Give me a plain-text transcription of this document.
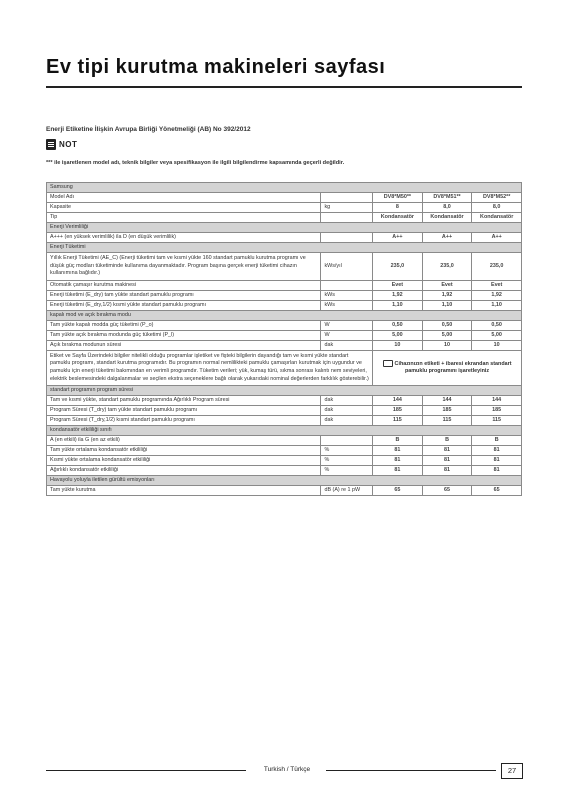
Ev tipi kurutma makineleri sayfası
Enerji Etiketine İlişkin Avrupa Birliği Yönetmeliği (AB) No 392/2012
NOT
*** ile işaretlenen model adı, teknik bilgiler veya spesifikasyon ile ilgili bilgilendirme kapsamında geçerli değildir.
Samsung				
Model Adı		DV8*M50**	DV8*M51**	DV8*M52**
Kapasite	kg	8	8,0	8,0
Tip		Kondansatör	Kondansatör	Kondansatör
Enerji Verimliliği				
A+++ (en yüksek verimlilik) ila D (en düşük verimlilik)		A++	A++	A++
Enerji Tüketimi				
Yıllık Enerji Tüketimi (AE_C) (Enerji tüketimi tam ve kısmi yükte 160 standart pamuklu kurutma programı ve düşük güç modları tüketiminde kullanıma dayanmaktadır. Program başına gerçek enerji tüketimi cihazın kullanımına bağlıdır.)	kWs/yıl	235,0	235,0	235,0
Otomatik çamaşır kurutma makinesi		Evet	Evet	Evet
Enerji tüketimi (E_dry) tam yükte standart pamuklu programı	kWs	1,92	1,92	1,92
Enerji tüketimi (E_dry,1/2) kısmi yükte standart pamuklu programı	kWs	1,10	1,10	1,10
kapalı mod ve açık bırakma modu				
Tam yükte kapalı modda güç tüketimi (P_o)	W	0,50	0,50	0,50
Tam yükte açık bırakma modunda güç tüketimi (P_l)	W	5,00	5,00	5,00
Açık bırakma modunun süresi	dak	10	10	10
Etiket ve Sayfa Üzerindeki bilgiler nitelikli olduğu programlar işletiket ve fişteki bilgilerin dayandığı tam ve kısmi yükte standart pamuklu programı, standart kurutma programıdır. Bu programın normal nemlilikteki pamuklu çamaşırları kurutmak için uygundur ve pamuklu için enerji tüketimi bakımından en verimli programdır. Tüketim verileri; yük, kumaş türü, sıkma sonrası kalıntı nem seviyeleri, elektrik beslemesindeki dalgalanmalar ve seçilen ekstra seçeneklere bağlı olarak yukarıdaki nominal değerlerden farklılık gösterebilir.)		Cihazınızın etiketi + ibaresi ekrandan standart pamuklu programını işaretleyiniz		
standart programın program süresi				
Tam ve kısmi yükte, standart pamuklu programında Ağırlıklı Program süresi	dak	144	144	144
Program Süresi (T_dry) tam yükte standart pamuklu programı	dak	185	185	185
Program Süresi (T_dry,1/2) kısmi standart pamuklu programı	dak	115	115	115
kondansatör etkililiği sınıfı				
A (en etkili) ila G (en az etkili)		B	B	B
Tam yükte ortalama kondansatör etkililiği	%	81	81	81
Kısmi yükte ortalama kondansatör etkililiği	%	81	81	81
Ağırlıklı kondansatör etkililiği	%	81	81	81
Havayolu yoluyla iletilen gürültü emisyonları				
Tam yükte kurutma	dB (A) re 1 pW	65	65	65
Turkish / Türkçe	27
